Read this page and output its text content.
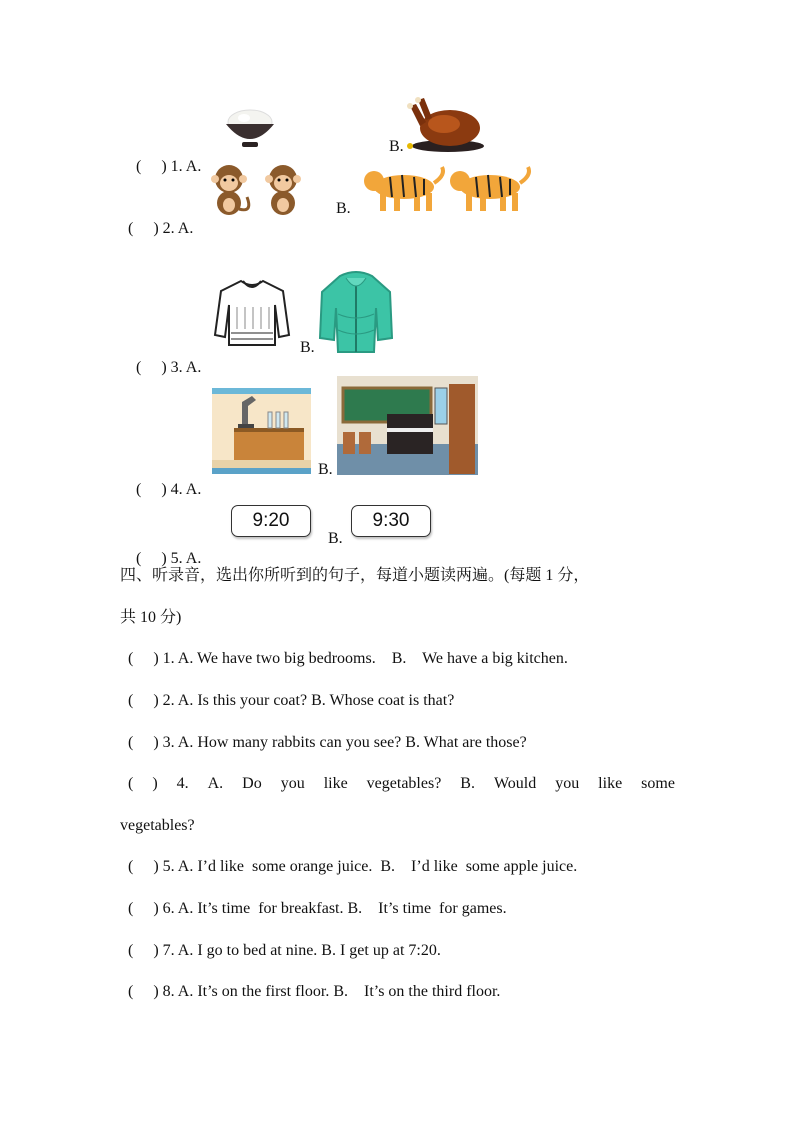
(     ) 1. A.

B.

(     ) 2. A.

B.

(     ) 3. A.

B.

(     ) 4. A.

B.

(     ) 5. A.

9:20
B.
9:30
四、听录音，选出你所听到的句子，每道小题读两遍。(每题 1 分，
共 10 分)
(     ) 1. A. We have two big bedrooms.    B.    We have a big kitchen.
(     ) 2. A. Is this your coat? B. Whose coat is that?
(     ) 3. A. How many rabbits can you see? B. What are those?
( ) 4. A. Do you like vegetables? B. Would you like some
vegetables?
(     ) 5. A. I’d like  some orange juice.  B.    I’d like  some apple juice.
(     ) 6. A. It’s time  for breakfast. B.    It’s time  for games.
(     ) 7. A. I go to bed at nine. B. I get up at 7:20.
(     ) 8. A. It’s on the first floor. B.    It’s on the third floor.
